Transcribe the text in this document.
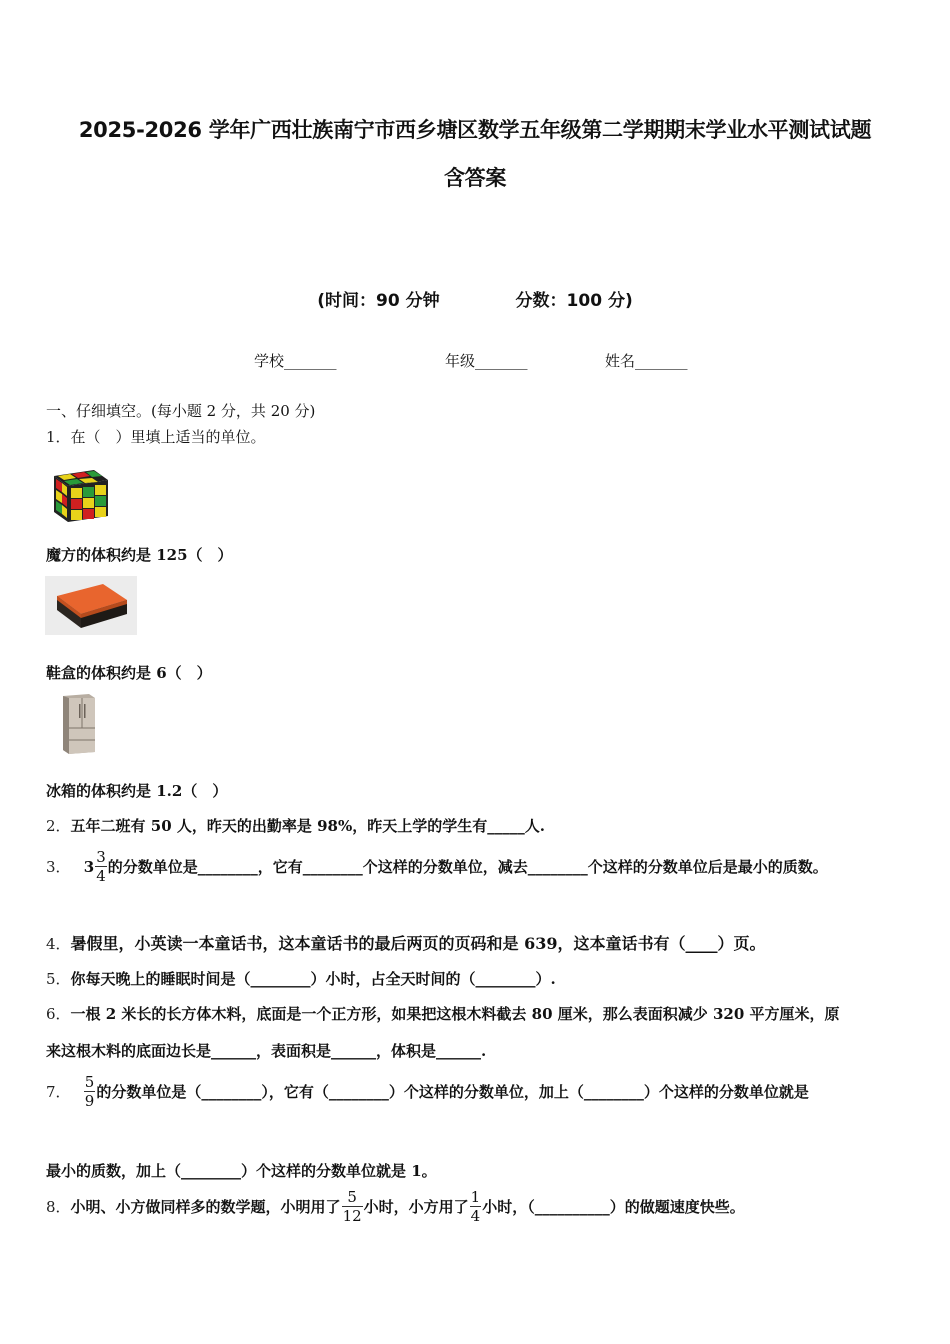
2025-2026 学年广西壮族南宁市西乡塘区数学五年级第二学期期末学业水平测试试题
含答案
(时间：90 分钟	分数：100 分)
学校_______	年级_______	姓名_______
一、仔细填空。(每小题 2 分，共 20 分)
1．在（　）里填上适当的单位。
魔方的体积约是 125（　）
鞋盒的体积约是 6（　）
冰箱的体积约是 1.2（　）
2．五年二班有 50 人，昨天的出勤率是 98%，昨天上学的学生有_____人.
3． $3 \frac{3}{4}$ 的分数单位是________，它有________个这样的分数单位，减去________个这样的分数单位后是最小的质数。
4．暑假里，小英读一本童话书，这本童话书的最后两页的页码和是 639，这本童话书有（____）页。
5．你每天晚上的睡眠时间是（________）小时，占全天时间的（________）.
6．一根 2 米长的长方体木料，底面是一个正方形，如果把这根木料截去 80 厘米，那么表面积减少 320 平方厘米，原
来这根木料的底面边长是______，表面积是______，体积是______.
7． $\frac{5}{9}$ 的分数单位是（________），它有（________）个这样的分数单位，加上（________）个这样的分数单位就是
最小的质数，加上（________）个这样的分数单位就是 1。
8．小明、小方做同样多的数学题，小明用了 $\frac{5}{12}$ 小时，小方用了 $\frac{1}{4}$ 小时，（__________）的做题速度快些。
